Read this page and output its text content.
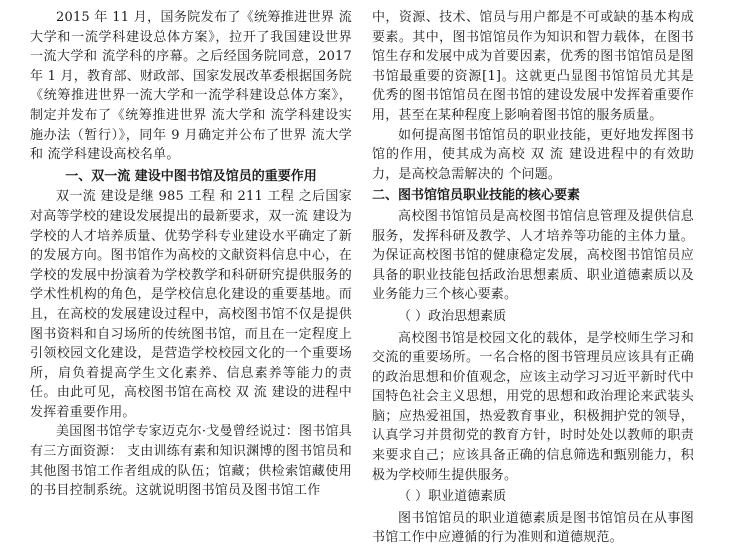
2015 年 11 月，国务院发布了《统筹推进世界 流大学和一流学科建设总体方案》，拉开了我国建设世界一流大学和 流学科的序幕。之后经国务院同意，2017 年 1 月，教育部、财政部、国家发展改革委根据国务院《统筹推进世界一流大学和一流学科建设总体方案》，制定并发布了《统筹推进世界 流大学和 流学科建设实施办法（暂行）》，同年 9 月确定并公布了世界 流大学和 流学科建设高校名单。

一、双一流 建设中图书馆及馆员的重要作用

双一流 建设是继 985 工程 和 211 工程 之后国家对高等学校的建设发展提出的最新要求，双一流 建设为学校的人才培养质量、优势学科专业建设水平确定了新的发展方向。图书馆作为高校的文献资料信息中心，在学校的发展中扮演着为学校教学和科研研究提供服务的学术性机构的角色，是学校信息化建设的重要基地。而且，在高校的发展建设过程中，高校图书馆不仅是提供图书资料和自习场所的传统图书馆，而且在一定程度上引领校园文化建设，是营造学校校园文化的一个重要场所，肩负着提高学生文化素养、信息素养等能力的责任。由此可见，高校图书馆在高校 双 流 建设的进程中发挥着重要作用。

美国图书馆学专家迈克尔·戈曼曾经说过：图书馆具有三方面资源： 支由训练有素和知识渊博的图书馆员和其他图书馆工作者组成的队伍；馆藏；供检索馆藏使用的书目控制系统。这就说明图书馆员及图书馆工作

中，资源、技术、馆员与用户都是不可或缺的基本构成要素。其中，图书馆馆员作为知识和智力载体，在图书馆生存和发展中成为首要因素，优秀的图书馆馆员是图书馆最重要的资源[1]。这就更凸显图书馆馆员尤其是优秀的图书馆馆员在图书馆的建设发展中发挥着重要作用，甚至在某种程度上影响着图书馆的服务质量。

如何提高图书馆馆员的职业技能，更好地发挥图书馆的作用，使其成为高校 双 流 建设进程中的有效助力，是高校急需解决的 个问题。

二、图书馆馆员职业技能的核心要素

高校图书馆馆员是高校图书馆信息管理及提供信息服务，发挥科研及教学、人才培养等功能的主体力量。为保证高校图书馆的健康稳定发展，高校图书馆馆员应具备的职业技能包括政治思想素质、职业道德素质以及业务能力三个核心要素。

（ ）政治思想素质

高校图书馆是校园文化的载体，是学校师生学习和交流的重要场所。一名合格的图书管理员应该具有正确的政治思想和价值观念，应该主动学习习近平新时代中国特色社会主义思想，用党的思想和政治理论来武装头脑；应热爱祖国，热爱教育事业，积极拥护党的领导，认真学习并贯彻党的教育方针，时时处处以教师的职责来要求自己；应该具备正确的信息筛选和甄别能力，积极为学校师生提供服务。

（ ）职业道德素质

图书馆馆员的职业道德素质是图书馆馆员在从事图书馆工作中应遵循的行为准则和道德规范。
